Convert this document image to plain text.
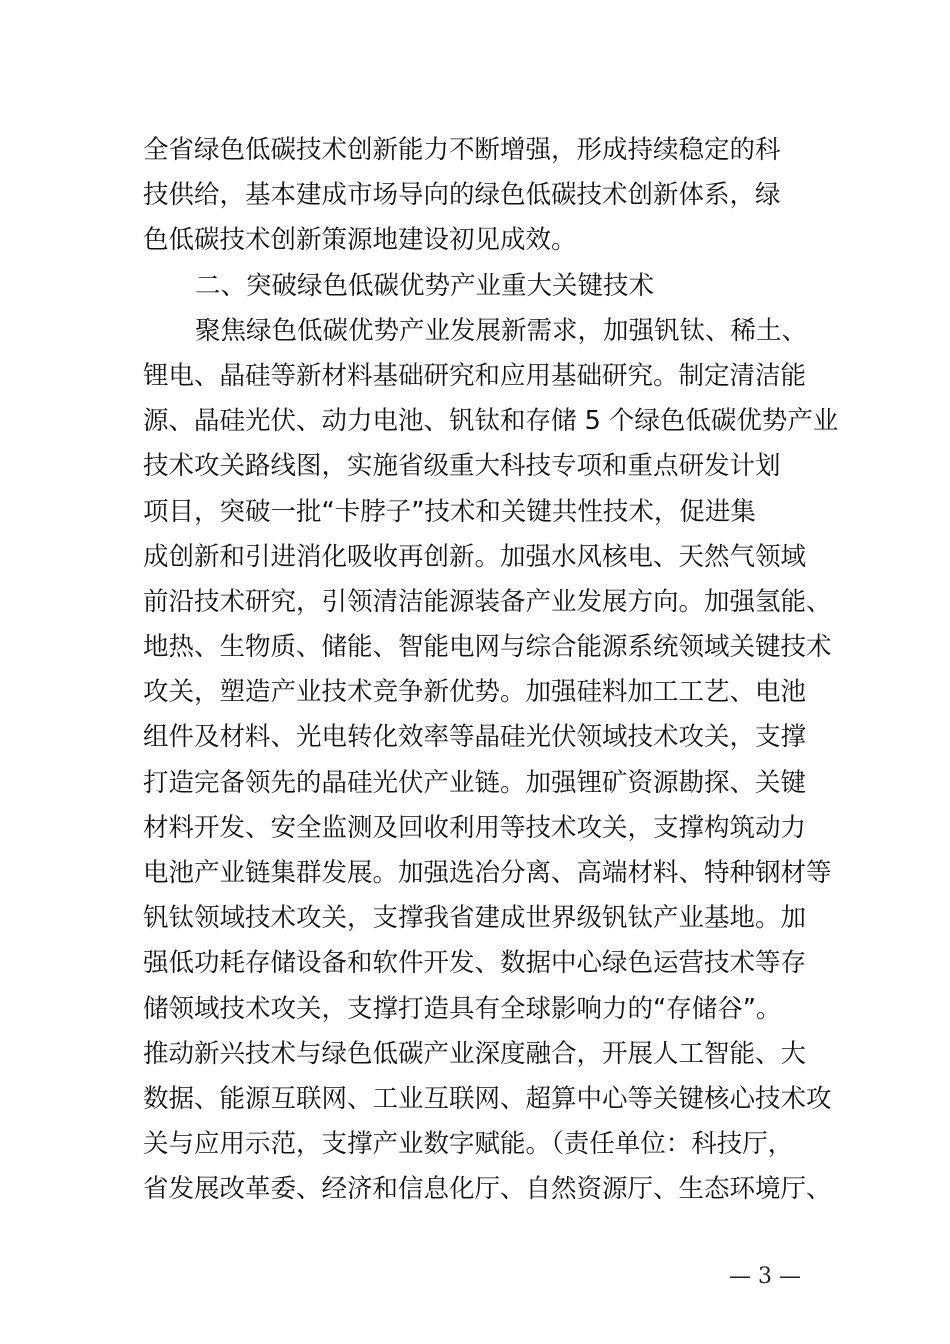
全省绿色低碳技术创新能力不断增强，形成持续稳定的科
技供给，基本建成市场导向的绿色低碳技术创新体系，绿
色低碳技术创新策源地建设初见成效。
二、突破绿色低碳优势产业重大关键技术
聚焦绿色低碳优势产业发展新需求，加强钒钛、稀土、
锂电、晶硅等新材料基础研究和应用基础研究。制定清洁能
源、晶硅光伏、动力电池、钒钛和存储 5 个绿色低碳优势产业
技术攻关路线图，实施省级重大科技专项和重点研发计划
项目，突破一批“卡脖子”技术和关键共性技术，促进集
成创新和引进消化吸收再创新。加强水风核电、天然气领域
前沿技术研究，引领清洁能源装备产业发展方向。加强氢能、
地热、生物质、储能、智能电网与综合能源系统领域关键技术
攻关，塑造产业技术竞争新优势。加强硅料加工工艺、电池
组件及材料、光电转化效率等晶硅光伏领域技术攻关，支撑
打造完备领先的晶硅光伏产业链。加强锂矿资源勘探、关键
材料开发、安全监测及回收利用等技术攻关，支撑构筑动力
电池产业链集群发展。加强选冶分离、高端材料、特种钢材等
钒钛领域技术攻关，支撑我省建成世界级钒钛产业基地。加
强低功耗存储设备和软件开发、数据中心绿色运营技术等存
储领域技术攻关，支撑打造具有全球影响力的“存储谷”。
推动新兴技术与绿色低碳产业深度融合，开展人工智能、大
数据、能源互联网、工业互联网、超算中心等关键核心技术攻
关与应用示范，支撑产业数字赋能。（责任单位：科技厅，
省发展改革委、经济和信息化厅、自然资源厅、生态环境厅、
— 3 —
